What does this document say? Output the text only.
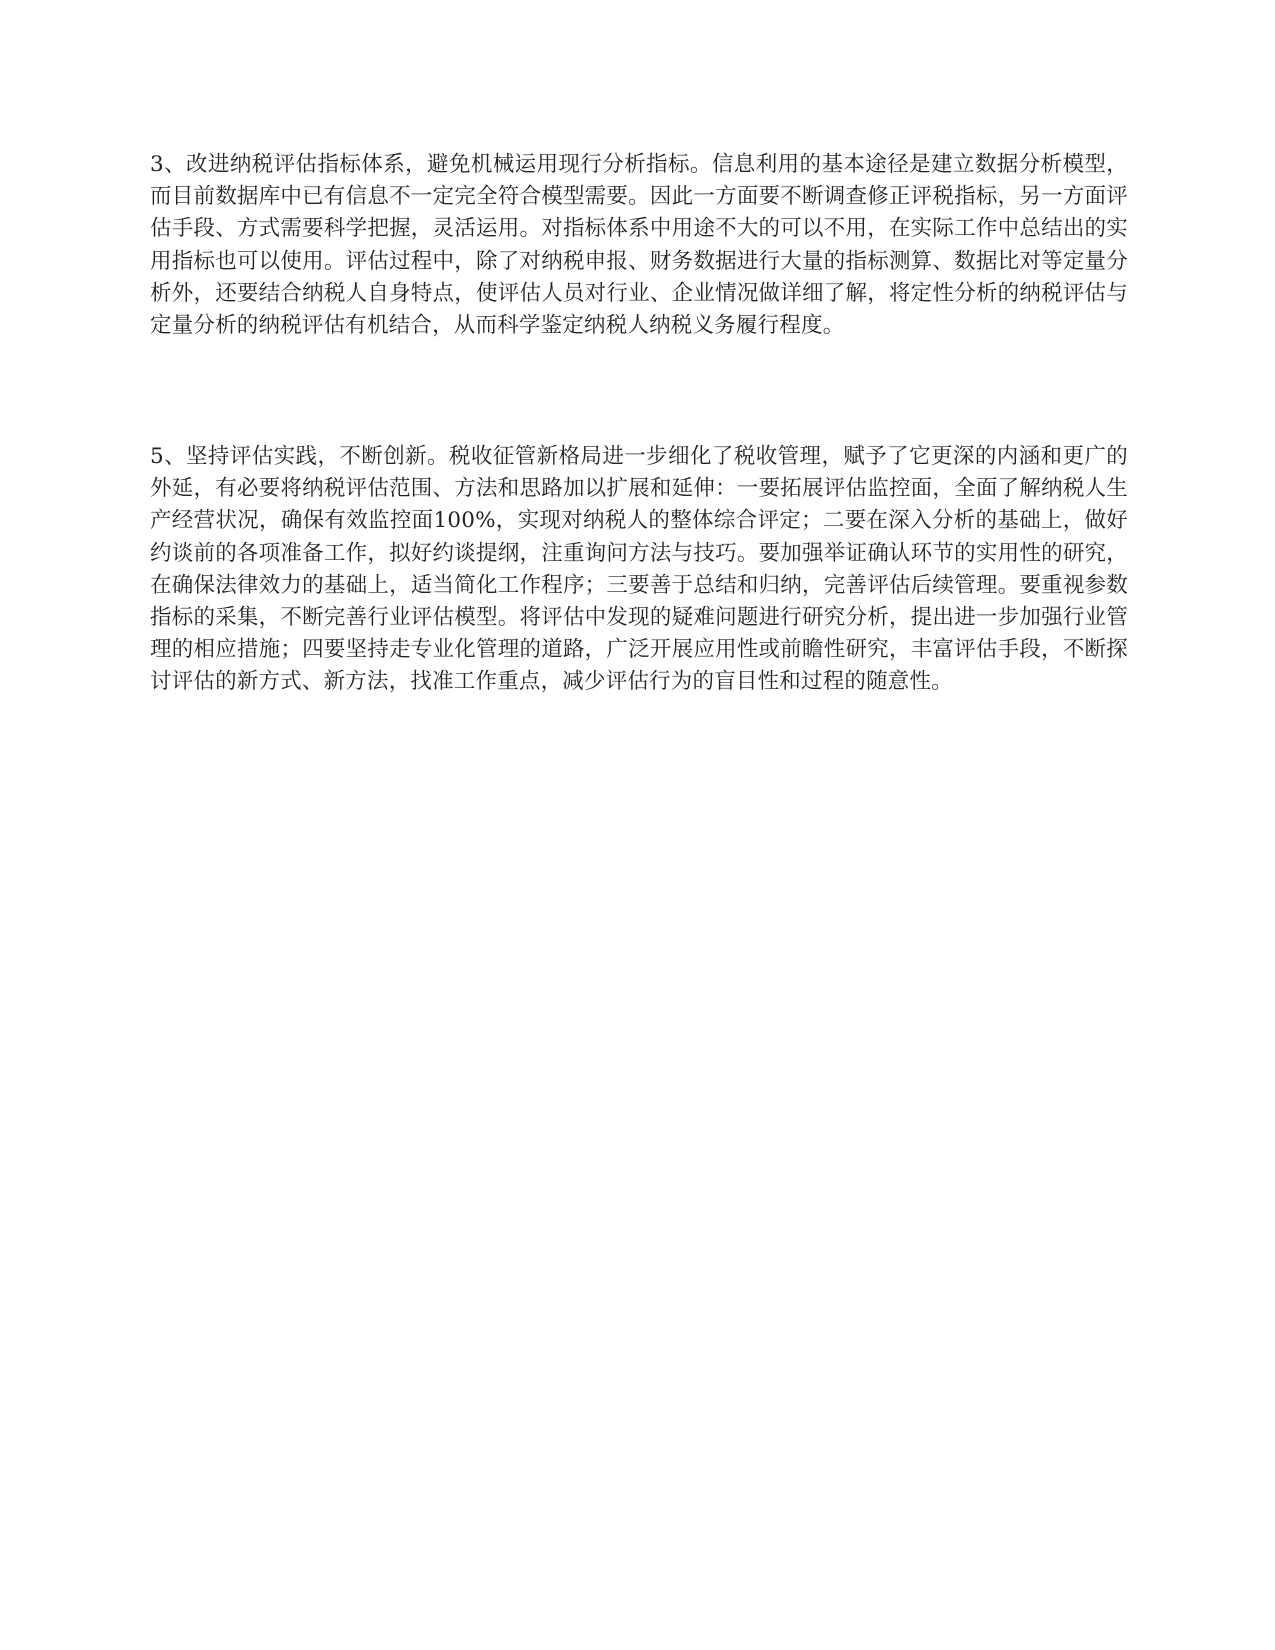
3、改进纳税评估指标体系，避免机械运用现行分析指标。信息利用的基本途径是建立数据分析模型，而目前数据库中已有信息不一定完全符合模型需要。因此一方面要不断调查修正评税指标，另一方面评估手段、方式需要科学把握，灵活运用。对指标体系中用途不大的可以不用，在实际工作中总结出的实用指标也可以使用。评估过程中，除了对纳税申报、财务数据进行大量的指标测算、数据比对等定量分析外，还要结合纳税人自身特点，使评估人员对行业、企业情况做详细了解，将定性分析的纳税评估与定量分析的纳税评估有机结合，从而科学鉴定纳税人纳税义务履行程度。

5、坚持评估实践，不断创新。税收征管新格局进一步细化了税收管理，赋予了它更深的内涵和更广的外延，有必要将纳税评估范围、方法和思路加以扩展和延伸：一要拓展评估监控面，全面了解纳税人生产经营状况，确保有效监控面100%，实现对纳税人的整体综合评定；二要在深入分析的基础上，做好约谈前的各项准备工作，拟好约谈提纲，注重询问方法与技巧。要加强举证确认环节的实用性的研究，在确保法律效力的基础上，适当简化工作程序；三要善于总结和归纳，完善评估后续管理。要重视参数指标的采集，不断完善行业评估模型。将评估中发现的疑难问题进行研究分析，提出进一步加强行业管理的相应措施；四要坚持走专业化管理的道路，广泛开展应用性或前瞻性研究，丰富评估手段，不断探讨评估的新方式、新方法，找准工作重点，减少评估行为的盲目性和过程的随意性。
